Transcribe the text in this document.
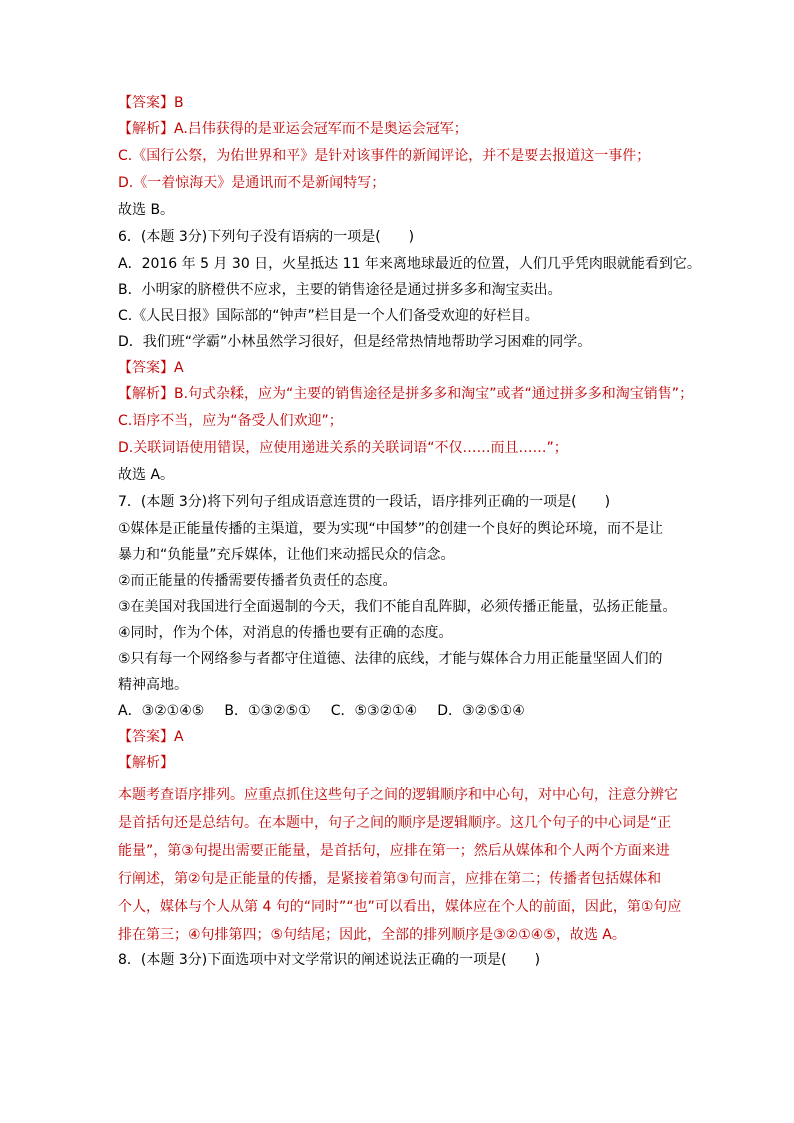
【答案】B
【解析】A.吕伟获得的是亚运会冠军而不是奥运会冠军；
C.《国行公祭，为佑世界和平》是针对该事件的新闻评论，并不是要去报道这一事件；
D.《一着惊海天》是通讯而不是新闻特写；
故选 B。
6．(本题 3分)下列句子没有语病的一项是(　　)
A．2016 年 5 月 30 日，火星抵达 11 年来离地球最近的位置，人们几乎凭肉眼就能看到它。
B．小明家的脐橙供不应求，主要的销售途径是通过拼多多和淘宝卖出。
C.《人民日报》国际部的“钟声”栏目是一个人们备受欢迎的好栏目。
D．我们班“学霸”小林虽然学习很好，但是经常热情地帮助学习困难的同学。
【答案】A
【解析】B.句式杂糅，应为“主要的销售途径是拼多多和淘宝”或者“通过拼多多和淘宝销售”；
C.语序不当，应为“备受人们欢迎”；
D.关联词语使用错误，应使用递进关系的关联词语“不仅……而且……”；
故选 A。
7．(本题 3分)将下列句子组成语意连贯的一段话，语序排列正确的一项是(　　)
①媒体是正能量传播的主渠道，要为实现“中国梦”的创建一个良好的舆论环境，而不是让
暴力和“负能量”充斥媒体，让他们来动摇民众的信念。
②而正能量的传播需要传播者负责任的态度。
③在美国对我国进行全面遏制的今天，我们不能自乱阵脚，必须传播正能量，弘扬正能量。
④同时，作为个体，对消息的传播也要有正确的态度。
⑤只有每一个网络参与者都守住道德、法律的底线，才能与媒体合力用正能量坚固人们的
精神高地。
A．③②①④⑤ B．①③②⑤① C．⑤③②①④ D．③②⑤①④
【答案】A
【解析】
本题考查语序排列。应重点抓住这些句子之间的逻辑顺序和中心句，对中心句，注意分辨它
是首括句还是总结句。在本题中，句子之间的顺序是逻辑顺序。这几个句子的中心词是“正
能量”，第③句提出需要正能量，是首括句，应排在第一；然后从媒体和个人两个方面来进
行阐述，第②句是正能量的传播，是紧接着第③句而言，应排在第二；传播者包括媒体和
个人，媒体与个人从第 4 句的“同时”“也”可以看出，媒体应在个人的前面，因此，第①句应
排在第三；④句排第四；⑤句结尾；因此，全部的排列顺序是③②①④⑤，故选 A。
8．(本题 3分)下面选项中对文学常识的阐述说法正确的一项是(　　)
